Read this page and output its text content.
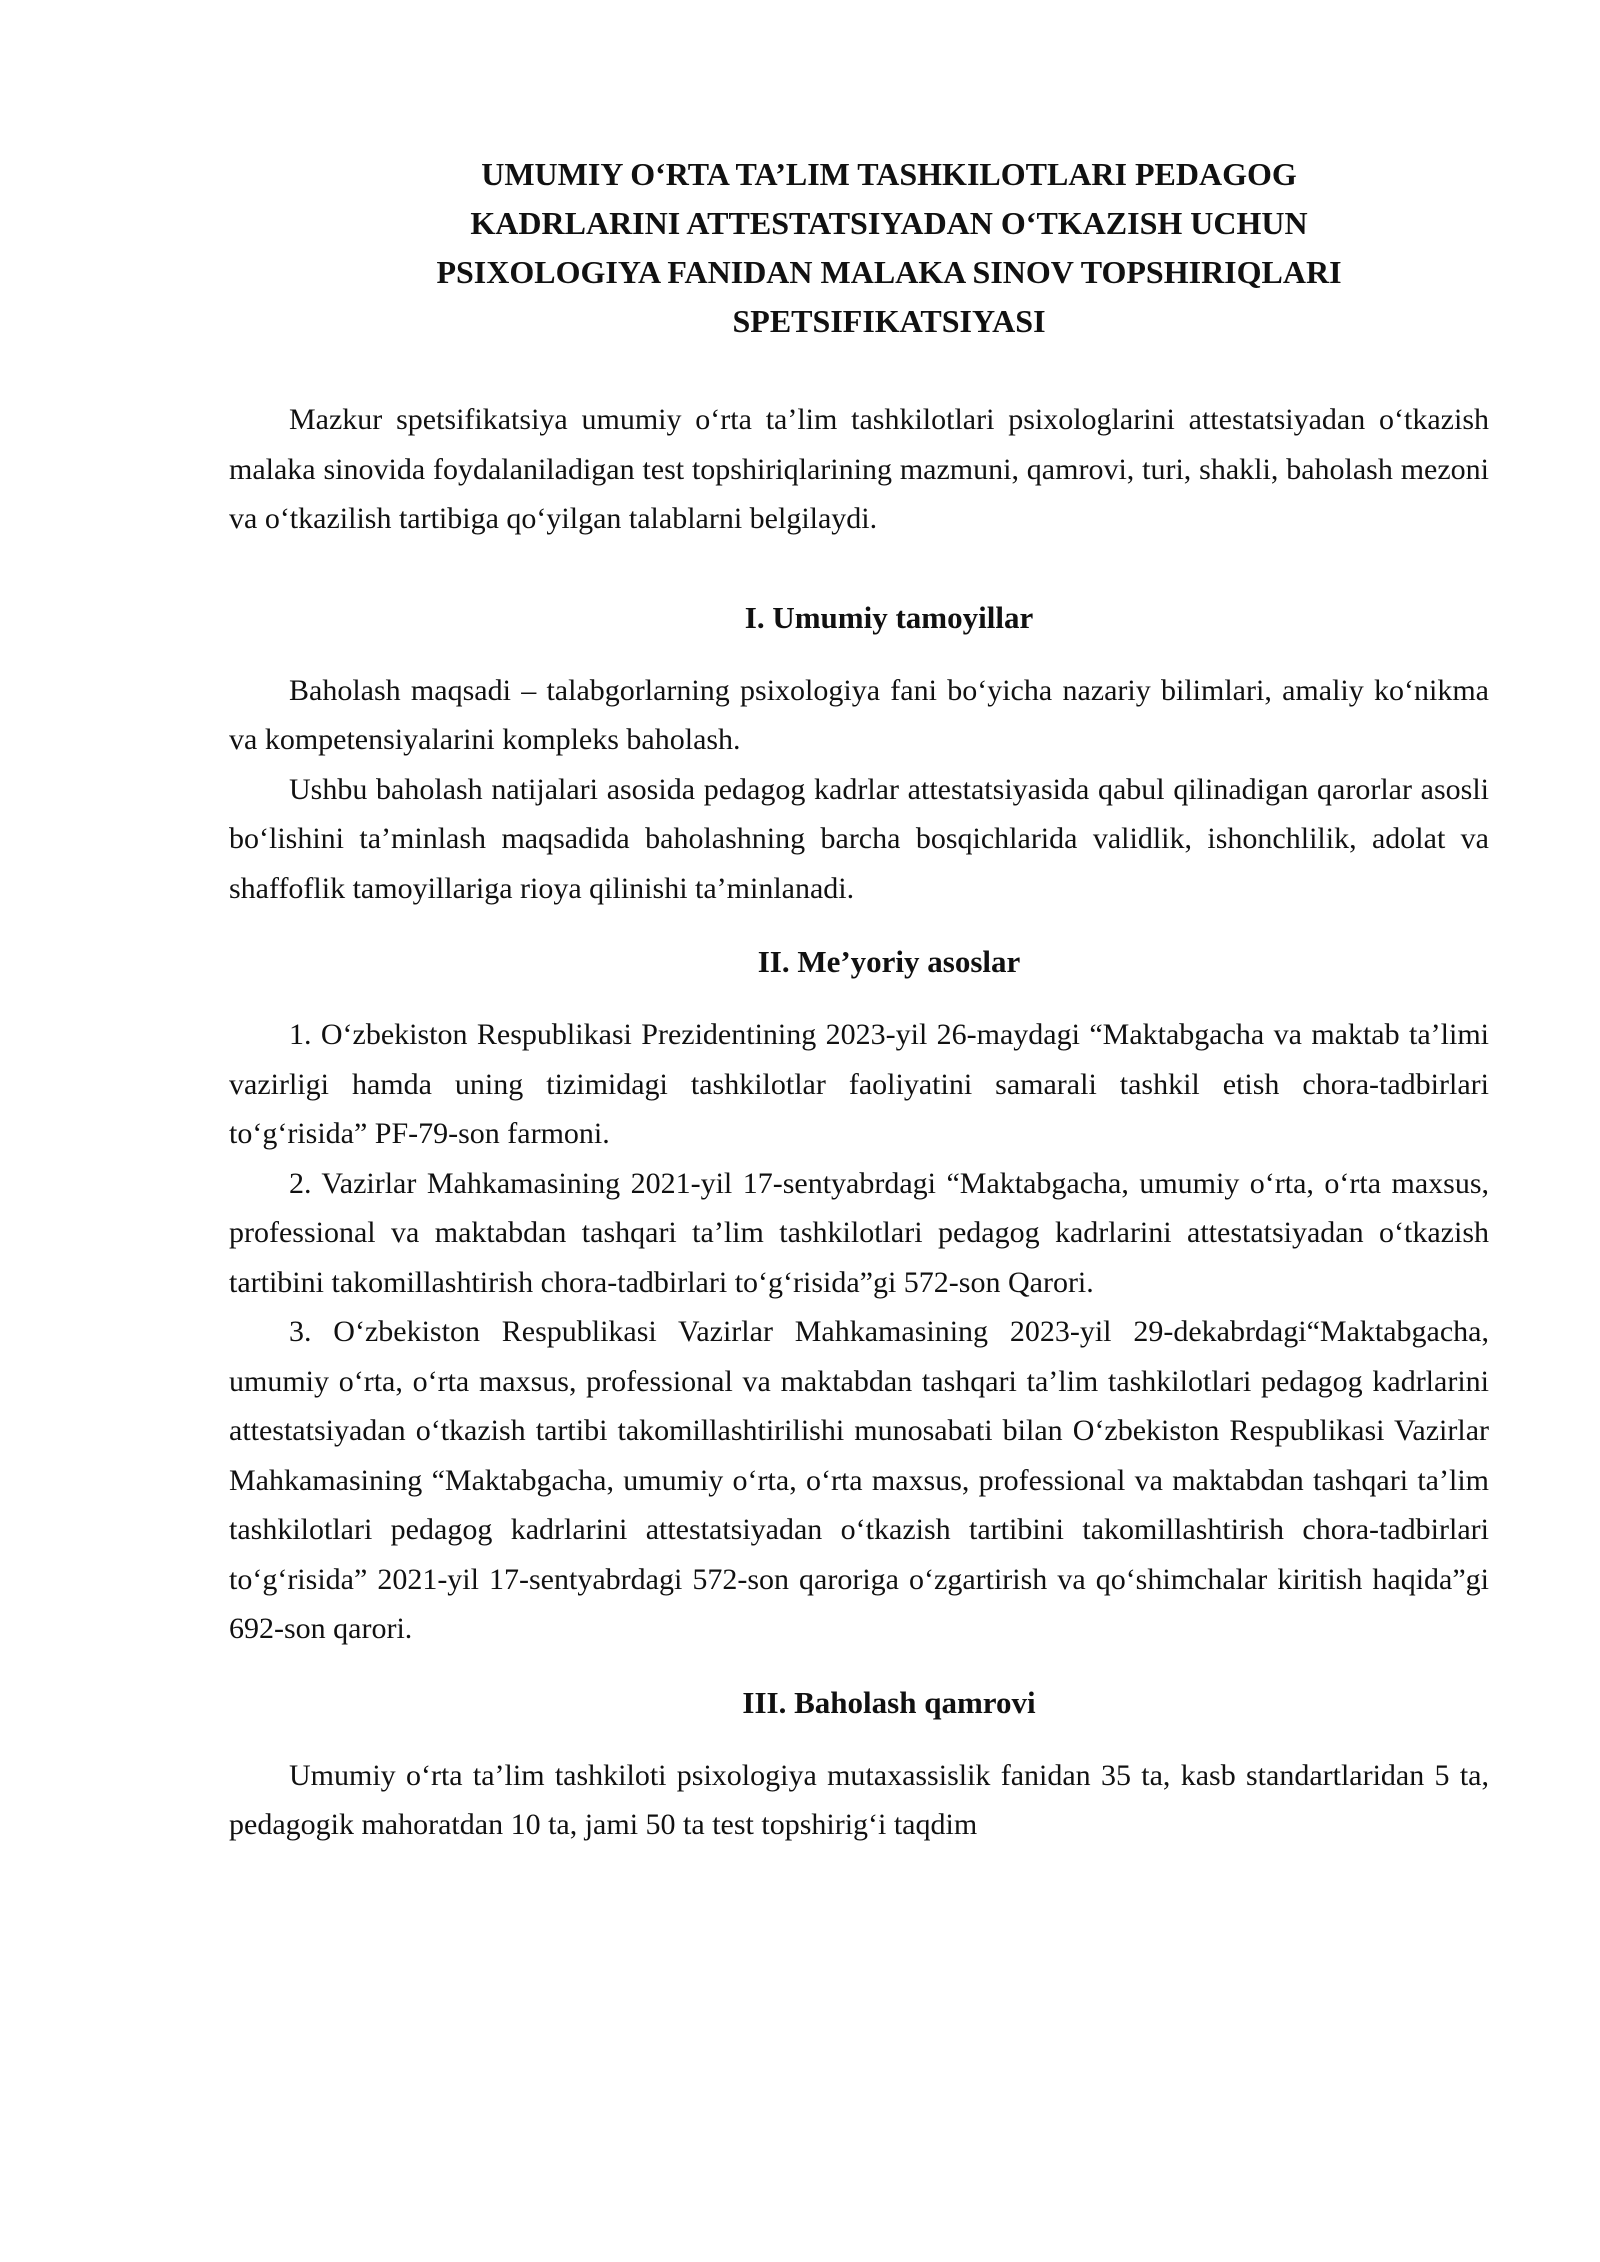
UMUMIY O‘RTA TA’LIM TASHKILOTLARI PEDAGOG
KADRLARINI ATTESTATSIYADAN O‘TKAZISH UCHUN
PSIXOLOGIYA FANIDAN MALAKA SINOV TOPSHIRIQLARI
SPETSIFIKATSIYASI

Mazkur spetsifikatsiya umumiy o‘rta ta’lim tashkilotlari psixologlarini attestatsiyadan o‘tkazish malaka sinovida foydalaniladigan test topshiriqlarining mazmuni, qamrovi, turi, shakli, baholash mezoni va o‘tkazilish tartibiga qo‘yilgan talablarni belgilaydi.

I. Umumiy tamoyillar

Baholash maqsadi – talabgorlarning psixologiya fani bo‘yicha nazariy bilimlari, amaliy ko‘nikma va kompetensiyalarini kompleks baholash.

Ushbu baholash natijalari asosida pedagog kadrlar attestatsiyasida qabul qilinadigan qarorlar asosli bo‘lishini ta’minlash maqsadida baholashning barcha bosqichlarida validlik, ishonchlilik, adolat va shaffoflik tamoyillariga rioya qilinishi ta’minlanadi.

II. Me’yoriy asoslar

1. O‘zbekiston Respublikasi Prezidentining 2023-yil 26-maydagi “Maktabgacha va maktab ta’limi vazirligi hamda uning tizimidagi tashkilotlar faoliyatini samarali tashkil etish chora-tadbirlari to‘g‘risida” PF-79-son farmoni.

2. Vazirlar Mahkamasining 2021-yil 17-sentyabrdagi “Maktabgacha, umumiy o‘rta, o‘rta maxsus, professional va maktabdan tashqari ta’lim tashkilotlari pedagog kadrlarini attestatsiyadan o‘tkazish tartibini takomillashtirish chora-tadbirlari to‘g‘risida”gi 572-son Qarori.

3. O‘zbekiston Respublikasi Vazirlar Mahkamasining 2023-yil 29-dekabrdagi“Maktabgacha, umumiy o‘rta, o‘rta maxsus, professional va maktabdan tashqari ta’lim tashkilotlari pedagog kadrlarini attestatsiyadan o‘tkazish tartibi takomillashtirilishi munosabati bilan O‘zbekiston Respublikasi Vazirlar Mahkamasining “Maktabgacha, umumiy o‘rta, o‘rta maxsus, professional va maktabdan tashqari ta’lim tashkilotlari pedagog kadrlarini attestatsiyadan o‘tkazish tartibini takomillashtirish chora-tadbirlari to‘g‘risida” 2021-yil 17-sentyabrdagi 572-son qaroriga o‘zgartirish va qo‘shimchalar kiritish haqida”gi 692-son qarori.

III. Baholash qamrovi

Umumiy o‘rta ta’lim tashkiloti psixologiya mutaxassislik fanidan 35 ta, kasb standartlaridan 5 ta, pedagogik mahoratdan 10 ta, jami 50 ta test topshirig‘i taqdim
